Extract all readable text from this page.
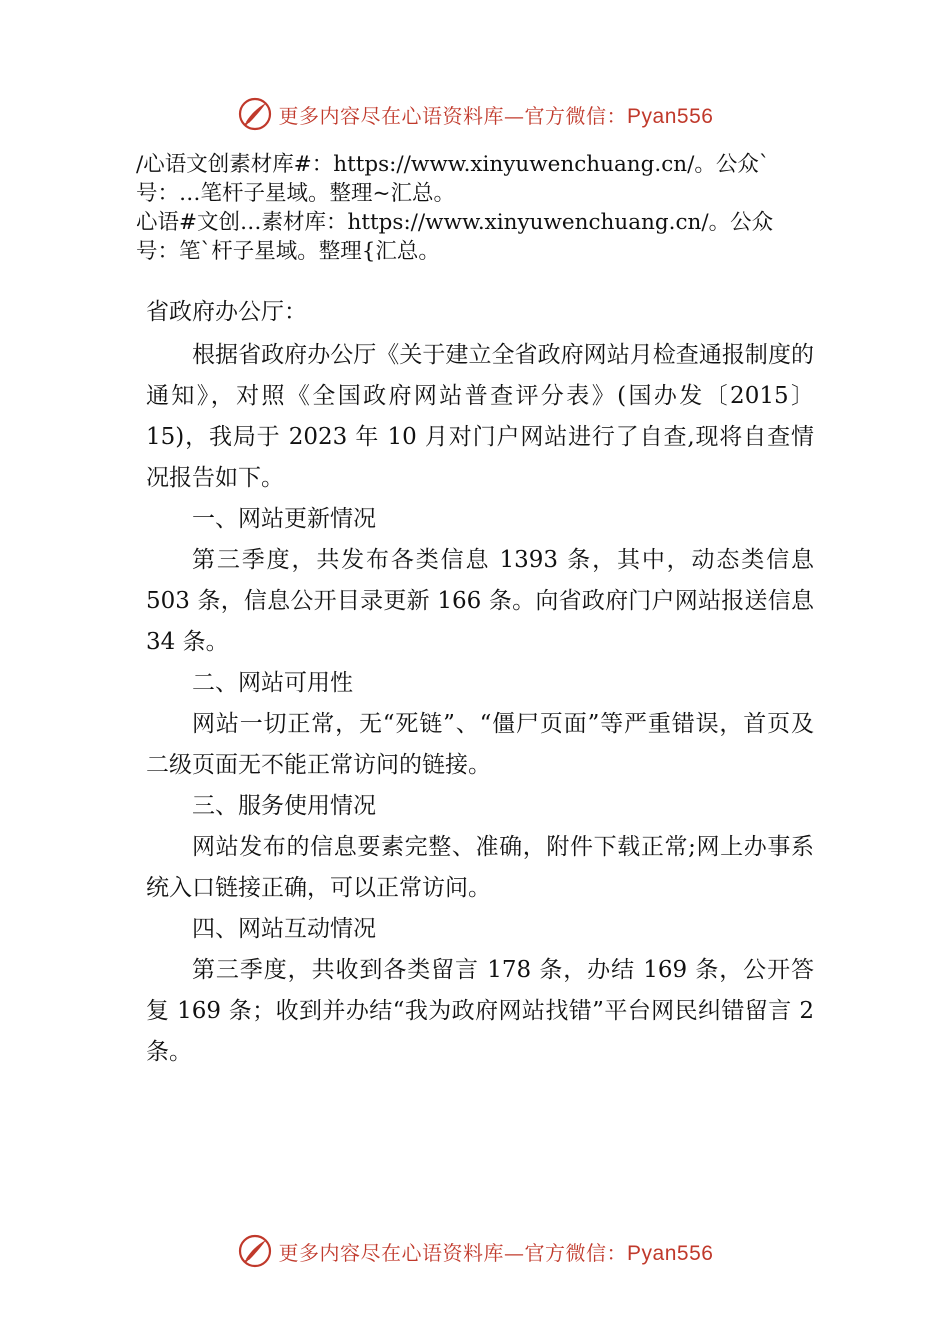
更多内容尽在心语资料库—官方微信：Pyan556

/心语文创素材库#：https://www.xinyuwenchuang.cn/。公众`

号：…笔杆子星域。整理~汇总。

心语#文创…素材库：https://www.xinyuwenchuang.cn/。公众

号：笔`杆子星域。整理{汇总。

省政府办公厅：

根据省政府办公厅《关于建立全省政府网站月检查通报制度的通知》，对照《全国政府网站普查评分表》(国办发〔2015〕15)，我局于 2023 年 10 月对门户网站进行了自查,现将自查情况报告如下。

一、网站更新情况

第三季度，共发布各类信息 1393 条，其中，动态类信息 503 条，信息公开目录更新 166 条。向省政府门户网站报送信息 34 条。

二、网站可用性

网站一切正常，无“死链”、“僵尸页面”等严重错误，首页及二级页面无不能正常访问的链接。

三、服务使用情况

网站发布的信息要素完整、准确，附件下载正常;网上办事系统入口链接正确，可以正常访问。

四、网站互动情况

第三季度，共收到各类留言 178 条，办结 169 条，公开答复 169 条；收到并办结“我为政府网站找错”平台网民纠错留言 2 条。

更多内容尽在心语资料库—官方微信：Pyan556
